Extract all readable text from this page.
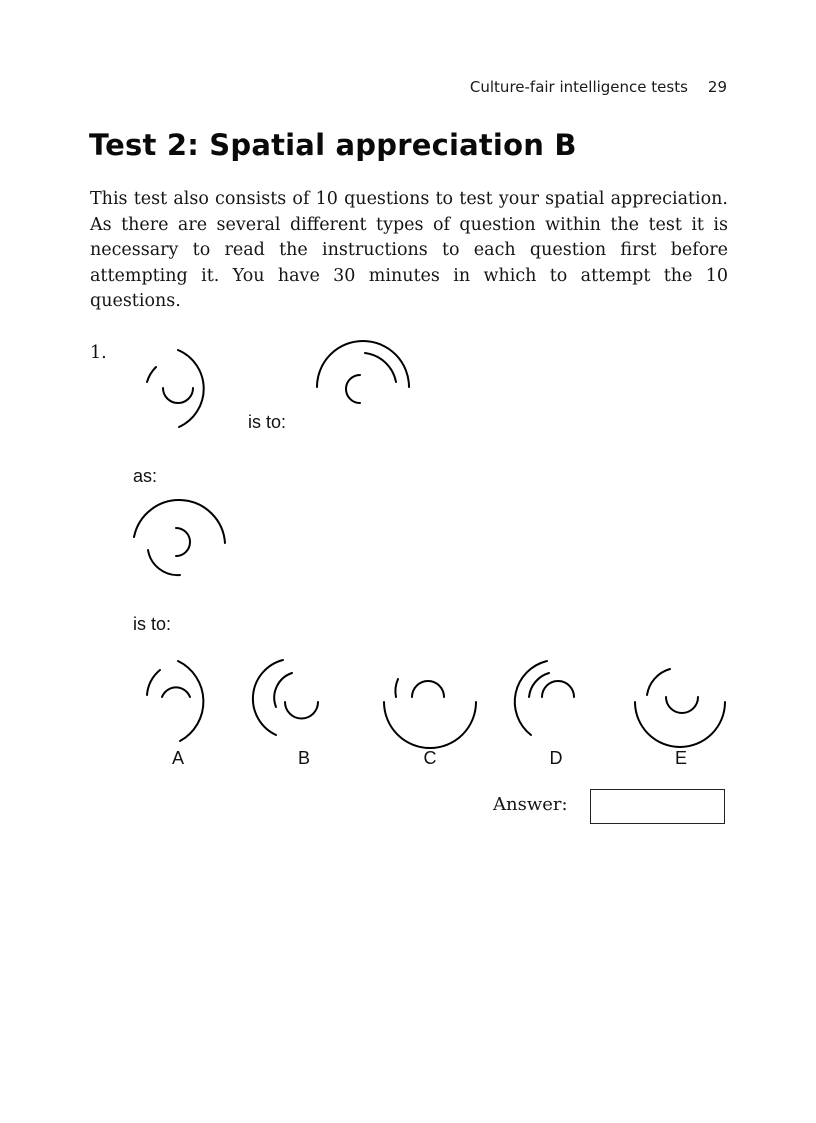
Culture-fair intelligence tests 29
Test 2: Spatial appreciation B

This test also consists of 10 questions to test your spatial appreciation. As there are several different types of question within the test it is necessary to read the instructions to each question first before attempting it. You have 30 minutes in which to attempt the 10 questions.

1.
is to:
as:
is to:
A	B	C	D	E
Answer:
